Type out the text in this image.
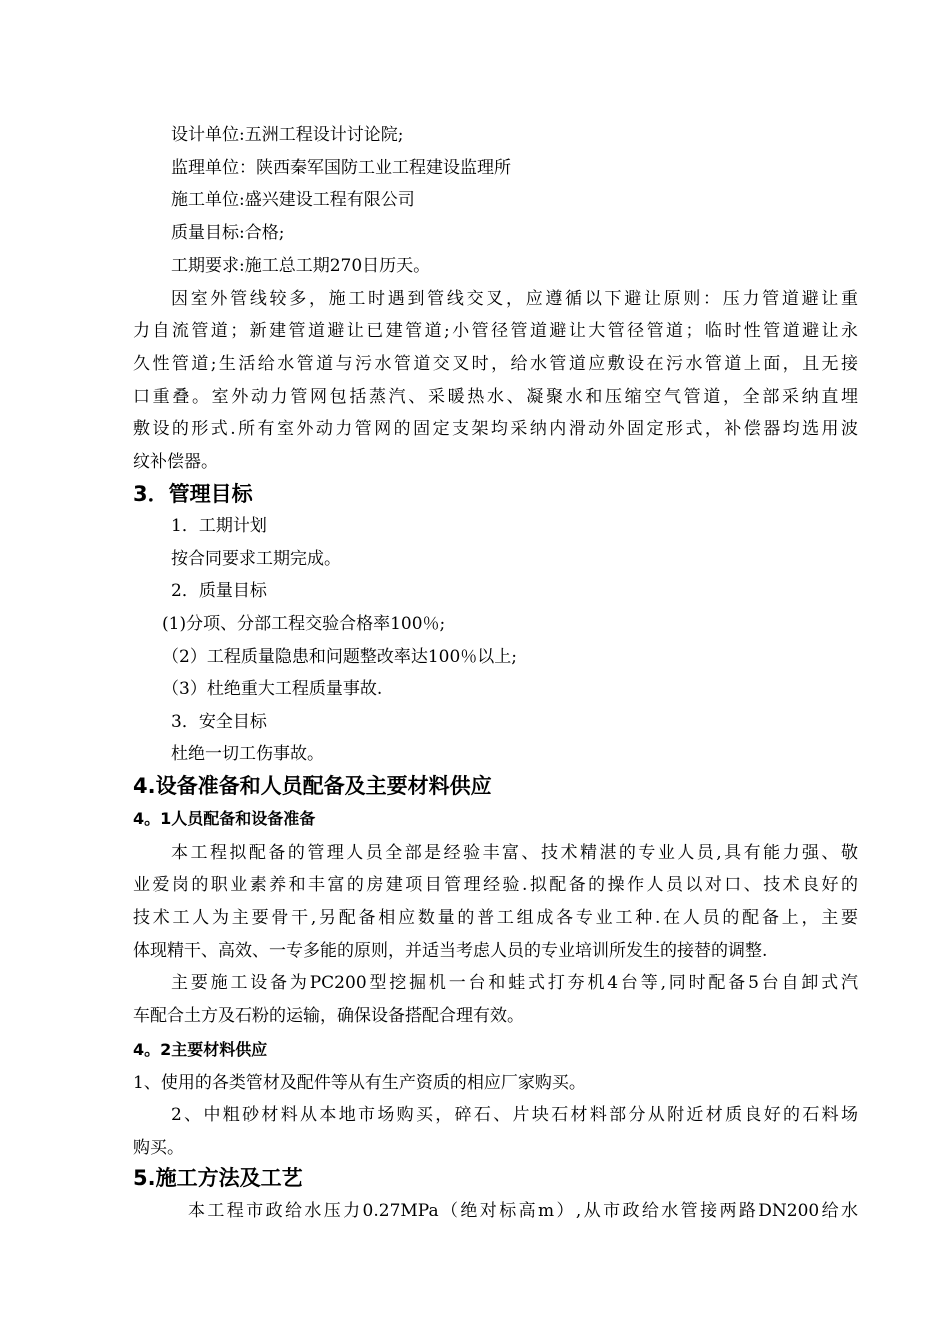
设计单位:五洲工程设计讨论院;
监理单位：陕西秦军国防工业工程建设监理所
施工单位:盛兴建设工程有限公司
质量目标:合格;
工期要求:施工总工期270日历天。
因室外管线较多，施工时遇到管线交叉，应遵循以下避让原则：压力管道避让重
力自流管道；新建管道避让已建管道;小管径管道避让大管径管道；临时性管道避让永
久性管道;生活给水管道与污水管道交叉时，给水管道应敷设在污水管道上面，且无接
口重叠。室外动力管网包括蒸汽、采暖热水、凝聚水和压缩空气管道，全部采纳直埋
敷设的形式.所有室外动力管网的固定支架均采纳内滑动外固定形式，补偿器均选用波
纹补偿器。
3．管理目标
1．工期计划
按合同要求工期完成。
2．质量目标
(1)分项、分部工程交验合格率100％;
（2）工程质量隐患和问题整改率达100％以上;
（3）杜绝重大工程质量事故.
3．安全目标
杜绝一切工伤事故。
4.设备准备和人员配备及主要材料供应
4。1人员配备和设备准备
本工程拟配备的管理人员全部是经验丰富、技术精湛的专业人员,具有能力强、敬
业爱岗的职业素养和丰富的房建项目管理经验.拟配备的操作人员以对口、技术良好的
技术工人为主要骨干,另配备相应数量的普工组成各专业工种.在人员的配备上，主要
体现精干、高效、一专多能的原则，并适当考虑人员的专业培训所发生的接替的调整.
主要施工设备为PC200型挖掘机一台和蛙式打夯机4台等,同时配备5台自卸式汽
车配合土方及石粉的运输，确保设备搭配合理有效。
4。2主要材料供应
1、使用的各类管材及配件等从有生产资质的相应厂家购买。
2、中粗砂材料从本地市场购买，碎石、片块石材料部分从附近材质良好的石料场
购买。
5.施工方法及工艺
本工程市政给水压力0.27MPa（绝对标高m）,从市政给水管接两路DN200给水
